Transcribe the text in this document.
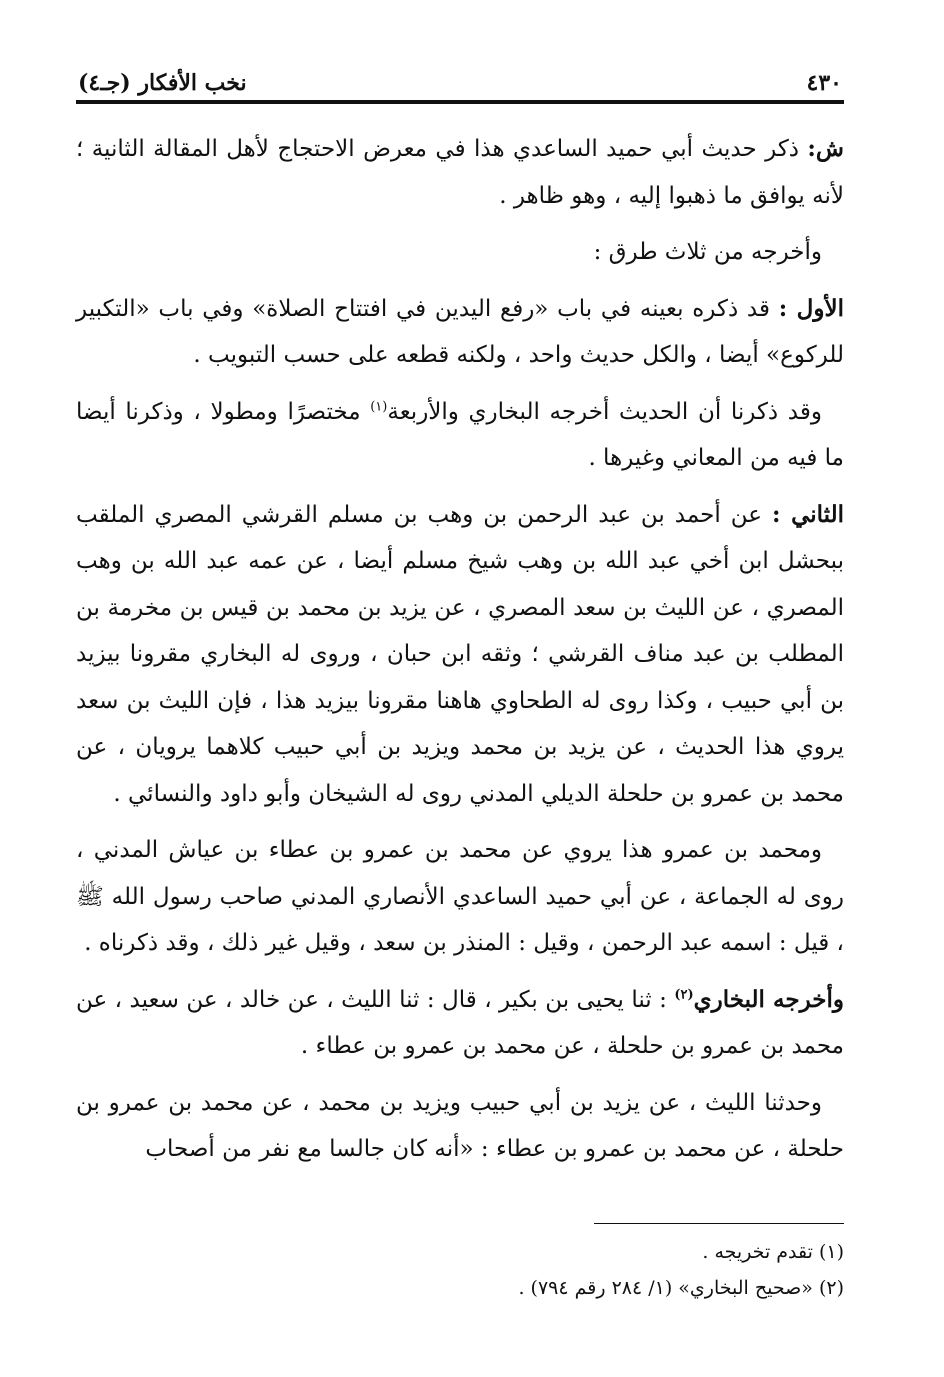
٤٣٠
نخب الأفكار (جـ٤)

ش: ذكر حديث أبي حميد الساعدي هذا في معرض الاحتجاج لأهل المقالة الثانية ؛ لأنه يوافق ما ذهبوا إليه ، وهو ظاهر .

وأخرجه من ثلاث طرق :

الأول : قد ذكره بعينه في باب «رفع اليدين في افتتاح الصلاة» وفي باب «التكبير للركوع» أيضا ، والكل حديث واحد ، ولكنه قطعه على حسب التبويب .

وقد ذكرنا أن الحديث أخرجه البخاري والأربعة$^{(١)}$ مختصرًا ومطولا ، وذكرنا أيضا ما فيه من المعاني وغيرها .

الثاني : عن أحمد بن عبد الرحمن بن وهب بن مسلم القرشي المصري الملقب ببحشل ابن أخي عبد الله بن وهب شيخ مسلم أيضا ، عن عمه عبد الله بن وهب المصري ، عن الليث بن سعد المصري ، عن يزيد بن محمد بن قيس بن مخرمة بن المطلب بن عبد مناف القرشي ؛ وثقه ابن حبان ، وروى له البخاري مقرونا بيزيد بن أبي حبيب ، وكذا روى له الطحاوي هاهنا مقرونا بيزيد هذا ، فإن الليث بن سعد يروي هذا الحديث ، عن يزيد بن محمد ويزيد بن أبي حبيب كلاهما يرويان ، عن محمد بن عمرو بن حلحلة الديلي المدني روى له الشيخان وأبو داود والنسائي .

ومحمد بن عمرو هذا يروي عن محمد بن عمرو بن عطاء بن عياش المدني ، روى له الجماعة ، عن أبي حميد الساعدي الأنصاري المدني صاحب رسول الله ﷺ ، قيل : اسمه عبد الرحمن ، وقيل : المنذر بن سعد ، وقيل غير ذلك ، وقد ذكرناه .

وأخرجه البخاري$^{(٢)}$ : ثنا يحيى بن بكير ، قال : ثنا الليث ، عن خالد ، عن سعيد ، عن محمد بن عمرو بن حلحلة ، عن محمد بن عمرو بن عطاء .

وحدثنا الليث ، عن يزيد بن أبي حبيب ويزيد بن محمد ، عن محمد بن عمرو بن حلحلة ، عن محمد بن عمرو بن عطاء : «أنه كان جالسا مع نفر من أصحاب

(١) تقدم تخريجه .

(٢) «صحيح البخاري» (١/ ٢٨٤ رقم ٧٩٤) .
